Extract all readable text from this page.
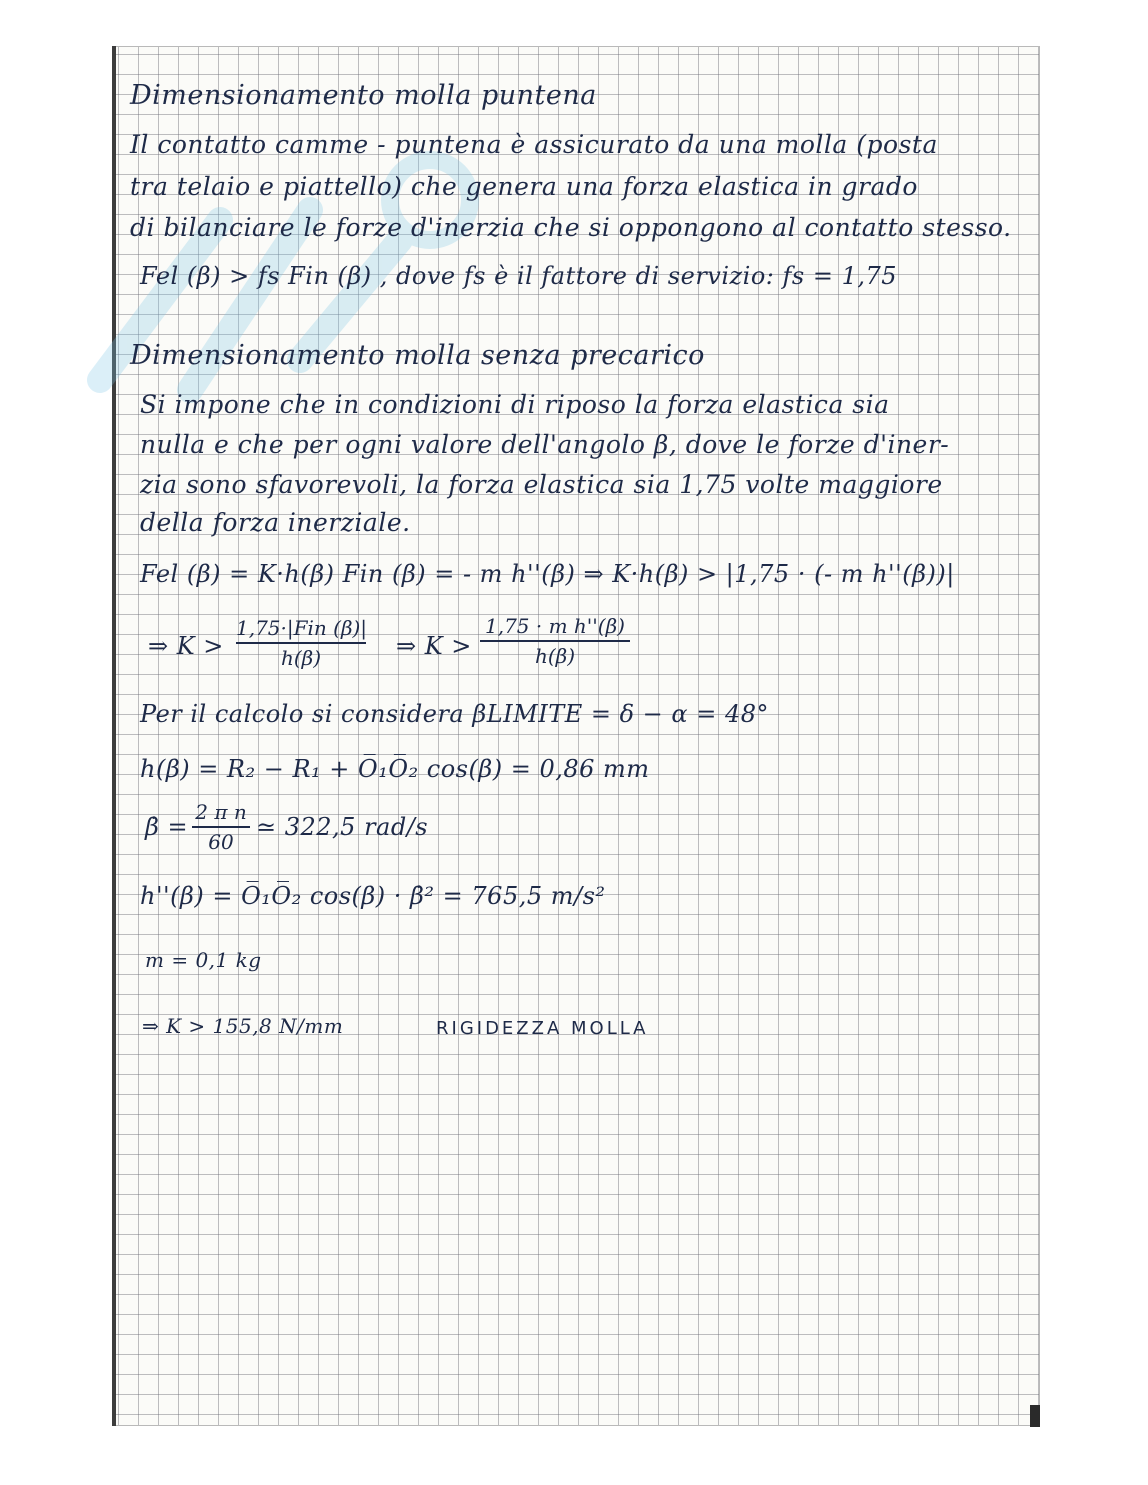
Dimensionamento molla puntena
Il contatto camme - puntena è assicurato da una molla (posta
tra telaio e piattello) che genera una forza elastica in grado
di bilanciare le forze d'inerzia che si oppongono al contatto stesso.
Fel (β) > fs Fin (β) , dove fs è il fattore di servizio: fs = 1,75
Dimensionamento molla senza precarico
Si impone che in condizioni di riposo la forza elastica sia
nulla e che per ogni valore dell'angolo β, dove le forze d'iner-
zia sono sfavorevoli, la forza elastica sia 1,75 volte maggiore
della forza inerziale.
Fel (β) = K·h(β) Fin (β) = - m h''(β) ⇒ K·h(β) > |1,75 · (- m h''(β))|
⇒ K >
1,75·|Fin (β)|
h(β)	⇒ K >
1,75 · m h''(β)
h(β)
Per il calcolo si considera βLIMITE = δ − α = 48°
h(β) = R₂ − R₁ + O̅₁O̅₂ cos(β) = 0,86 mm
β̇ =
2 π n
60
≃ 322,5 rad/s
h''(β) = O̅₁O̅₂ cos(β) · β̇² = 765,5 m/s²
m = 0,1 kg
⇒ K > 155,8 N/mm	RIGIDEZZA MOLLA
